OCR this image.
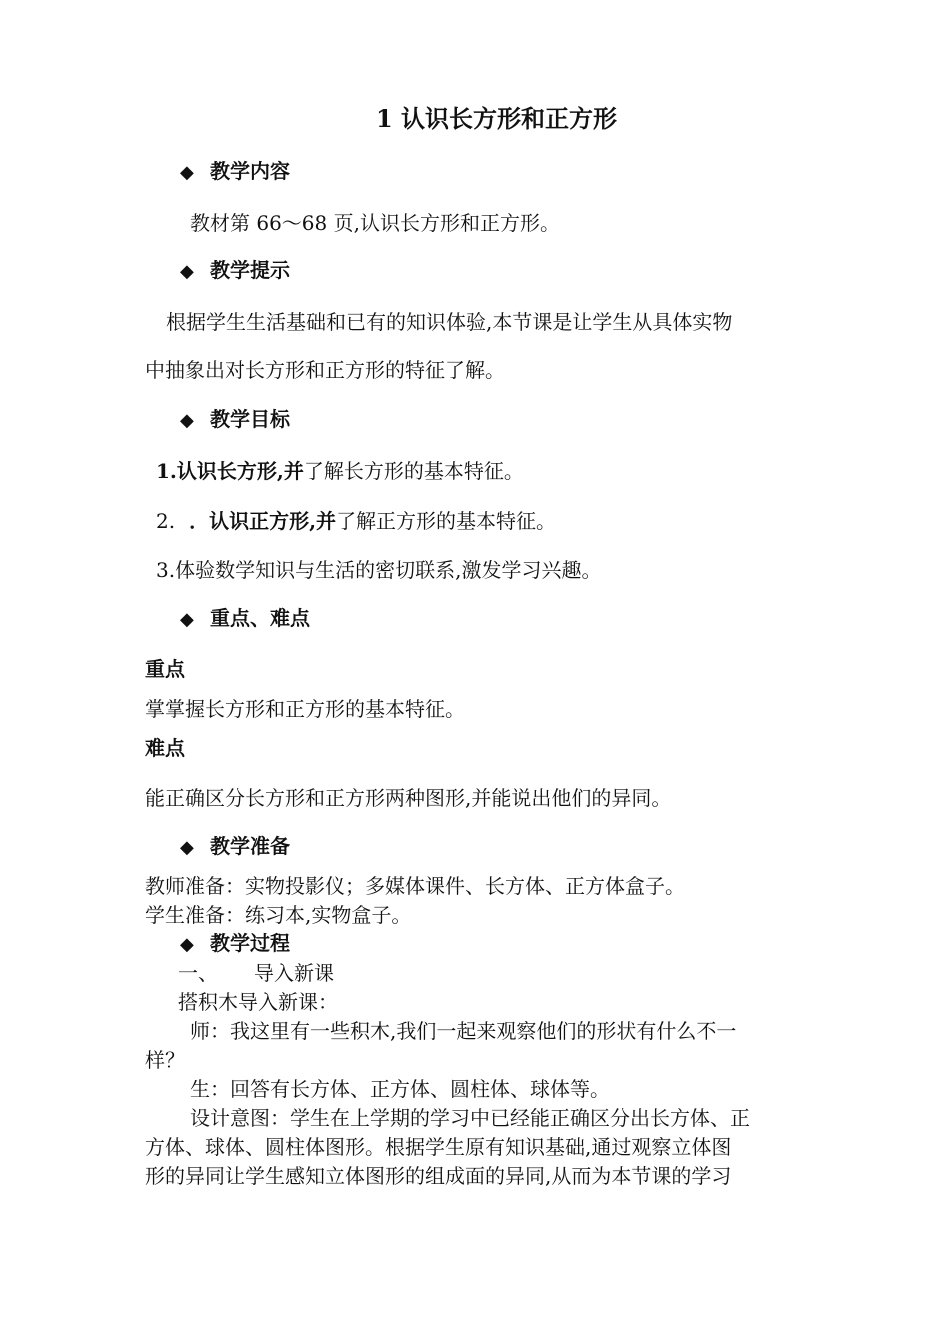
1 认识长方形和正方形
◆ 教学内容
教材第 66～68 页,认识长方形和正方形。
◆ 教学提示
根据学生生活基础和已有的知识体验,本节课是让学生从具体实物
中抽象出对长方形和正方形的特征了解。
◆ 教学目标
1.认识长方形,并了解长方形的基本特征。
2. ．认识正方形,并了解正方形的基本特征。
3.体验数学知识与生活的密切联系,激发学习兴趣。
◆ 重点、难点
重点
掌掌握长方形和正方形的基本特征。
难点
能正确区分长方形和正方形两种图形,并能说出他们的异同。
◆ 教学准备
教师准备：实物投影仪；多媒体课件、长方体、正方体盒子。
学生准备：练习本,实物盒子。
◆ 教学过程
一、 导入新课
搭积木导入新课：
师：我这里有一些积木,我们一起来观察他们的形状有什么不一
样？
生：回答有长方体、正方体、圆柱体、球体等。
设计意图：学生在上学期的学习中已经能正确区分出长方体、正
方体、球体、圆柱体图形。根据学生原有知识基础,通过观察立体图
形的异同让学生感知立体图形的组成面的异同,从而为本节课的学习
